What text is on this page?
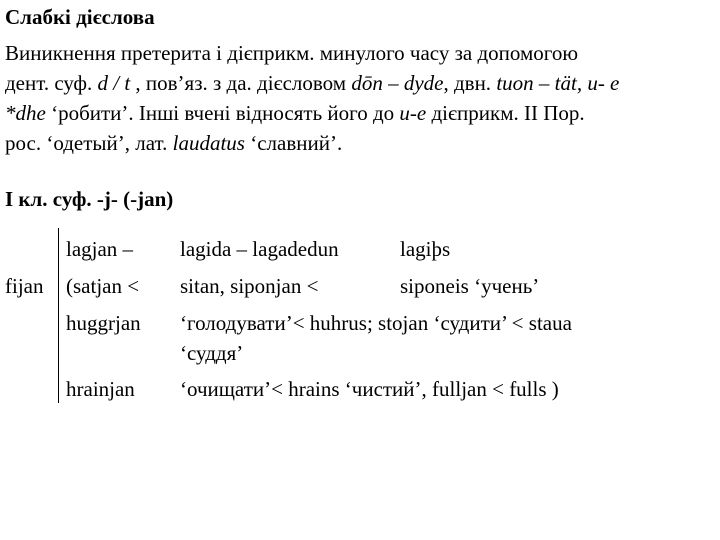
Слабкі дієслова
Виникнення претерита і дієприкм. минулого часу за допомогою
дент. суф. d / t , пов’яз. з да. дієсловом dōn – dyde, двн. tuon – tät, u- e
*dhe ‘робити’. Інші вчені відносять його до u-e дієприкм. ІІ Пор.
рос. ‘одетый’, лат. laudatus ‘славний’.
І кл. суф. -j- (-jan)
fijan
lagjan – lagida – lagadedun	lagiþs
(satjan < sitan, siponjan <	siponeis ‘учень’
huggrjan ‘голодувати’< huhrus; stojan ‘судити’ < staua
‘суддя’
hrainjan ‘очищати’< hrains ‘чистий’, fulljan < fulls )
